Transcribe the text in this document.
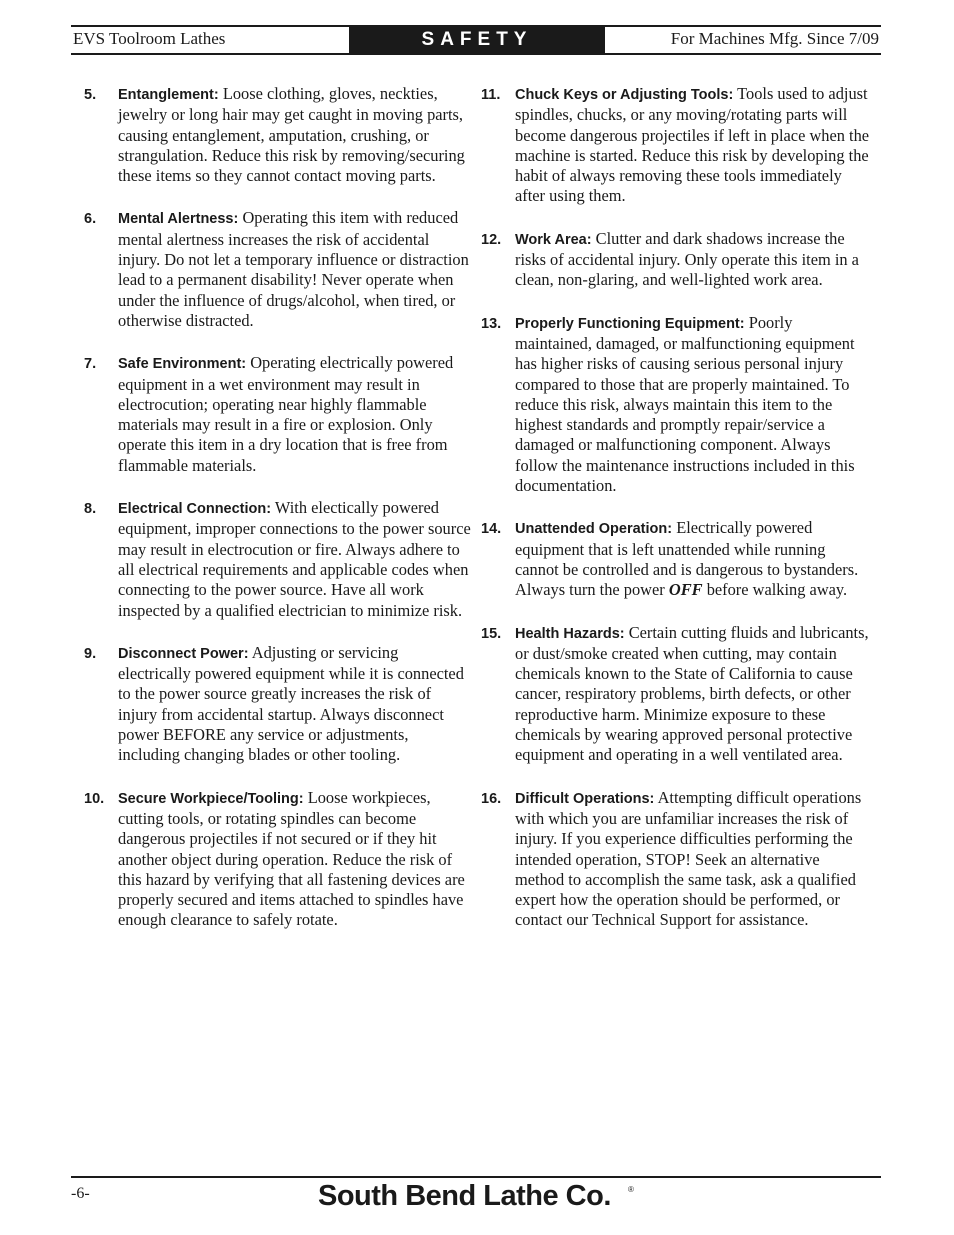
EVS Toolroom Lathes	SAFETY	For Machines Mfg. Since 7/09
5. Entanglement: Loose clothing, gloves, neckties, jewelry or long hair may get caught in moving parts, causing entanglement, amputation, crushing, or strangulation. Reduce this risk by removing/securing these items so they cannot contact moving parts.
6. Mental Alertness: Operating this item with reduced mental alertness increases the risk of accidental injury. Do not let a temporary influence or distraction lead to a permanent disability! Never operate when under the influence of drugs/alcohol, when tired, or otherwise distracted.
7. Safe Environment: Operating electrically powered equipment in a wet environment may result in electrocution; operating near highly flammable materials may result in a fire or explosion. Only operate this item in a dry location that is free from flammable materials.
8. Electrical Connection: With electically powered equipment, improper connections to the power source may result in electrocution or fire. Always adhere to all electrical requirements and applicable codes when connecting to the power source. Have all work inspected by a qualified electrician to minimize risk.
9. Disconnect Power: Adjusting or servicing electrically powered equipment while it is connected to the power source greatly increases the risk of injury from accidental startup. Always disconnect power BEFORE any service or adjustments, including changing blades or other tooling.
10. Secure Workpiece/Tooling: Loose workpieces, cutting tools, or rotating spindles can become dangerous projectiles if not secured or if they hit another object during operation. Reduce the risk of this hazard by verifying that all fastening devices are properly secured and items attached to spindles have enough clearance to safely rotate.
11. Chuck Keys or Adjusting Tools: Tools used to adjust spindles, chucks, or any moving/rotating parts will become dangerous projectiles if left in place when the machine is started. Reduce this risk by developing the habit of always removing these tools immediately after using them.
12. Work Area: Clutter and dark shadows increase the risks of accidental injury. Only operate this item in a clean, non-glaring, and well-lighted work area.
13. Properly Functioning Equipment: Poorly maintained, damaged, or malfunctioning equipment has higher risks of causing serious personal injury compared to those that are properly maintained. To reduce this risk, always maintain this item to the highest standards and promptly repair/service a damaged or malfunctioning component. Always follow the maintenance instructions included in this documentation.
14. Unattended Operation: Electrically powered equipment that is left unattended while running cannot be controlled and is dangerous to bystanders. Always turn the power OFF before walking away.
15. Health Hazards: Certain cutting fluids and lubricants, or dust/smoke created when cutting, may contain chemicals known to the State of California to cause cancer, respiratory problems, birth defects, or other reproductive harm. Minimize exposure to these chemicals by wearing approved personal protective equipment and operating in a well ventilated area.
16. Difficult Operations: Attempting difficult operations with which you are unfamiliar increases the risk of injury. If you experience difficulties performing the intended operation, STOP! Seek an alternative method to accomplish the same task, ask a qualified expert how the operation should be performed, or contact our Technical Support for assistance.
-6-	South Bend Lathe Co. ®
